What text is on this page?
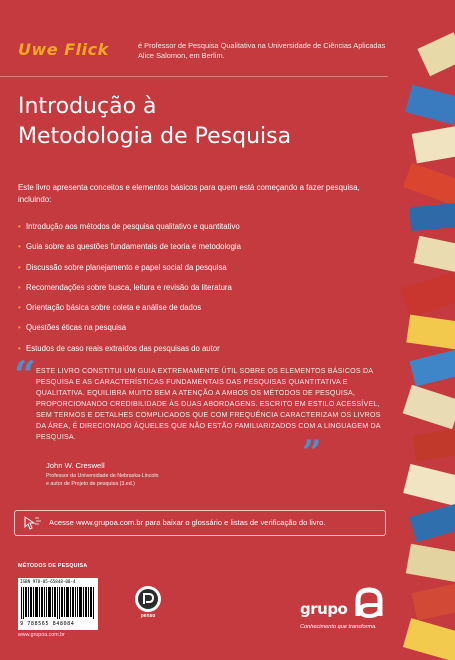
Uwe Flick	é Professor de Pesquisa Qualitativa na Universidade de Ciências Aplicadas Alice Salomon, em Berlim.
Introdução à
Metodologia de Pesquisa
Este livro apresenta conceitos e elementos básicos para quem está começando a fazer pesquisa, incluindo:
• Introdução aos métodos de pesquisa qualitativo e quantitativo
• Guia sobre as questões fundamentais de teoria e metodologia
• Discussão sobre planejamento e papel social da pesquisa
• Recomendações sobre busca, leitura e revisão da literatura
• Orientação básica sobre coleta e análise de dados
• Questões éticas na pesquisa
• Estudos de caso reais extraídos das pesquisas do autor
“ ESTE LIVRO CONSTITUI UM GUIA EXTREMAMENTE ÚTIL SOBRE OS ELEMENTOS BÁSICOS DA PESQUISA E AS CARACTERÍSTICAS FUNDAMENTAIS DAS PESQUISAS QUANTITATIVA E QUALITATIVA. EQUILIBRA MUITO BEM A ATENÇÃO A AMBOS OS MÉTODOS DE PESQUISA, PROPORCIONANDO CREDIBILIDADE ÀS DUAS ABORDAGENS. ESCRITO EM ESTILO ACESSÍVEL, SEM TERMOS E DETALHES COMPLICADOS QUE COM FREQUÊNCIA CARACTERIZAM OS LIVROS DA ÁREA, É DIRECIONADO ÀQUELES QUE NÃO ESTÃO FAMILIARIZADOS COM A LINGUAGEM DA PESQUISA.	”
John W. Creswell
Professor da Universidade de Nebraska-Lincoln
e autor de Projeto de pesquisa (3.ed.)
Acesse www.grupoa.com.br para baixar o glossário e listas de verificação do livro.
MÉTODOS DE PESQUISA
ISBN 978-85-65848-08-4
9 788565 848084
www.grupoa.com.br
penso	grupo
Conhecimento que transforma.
